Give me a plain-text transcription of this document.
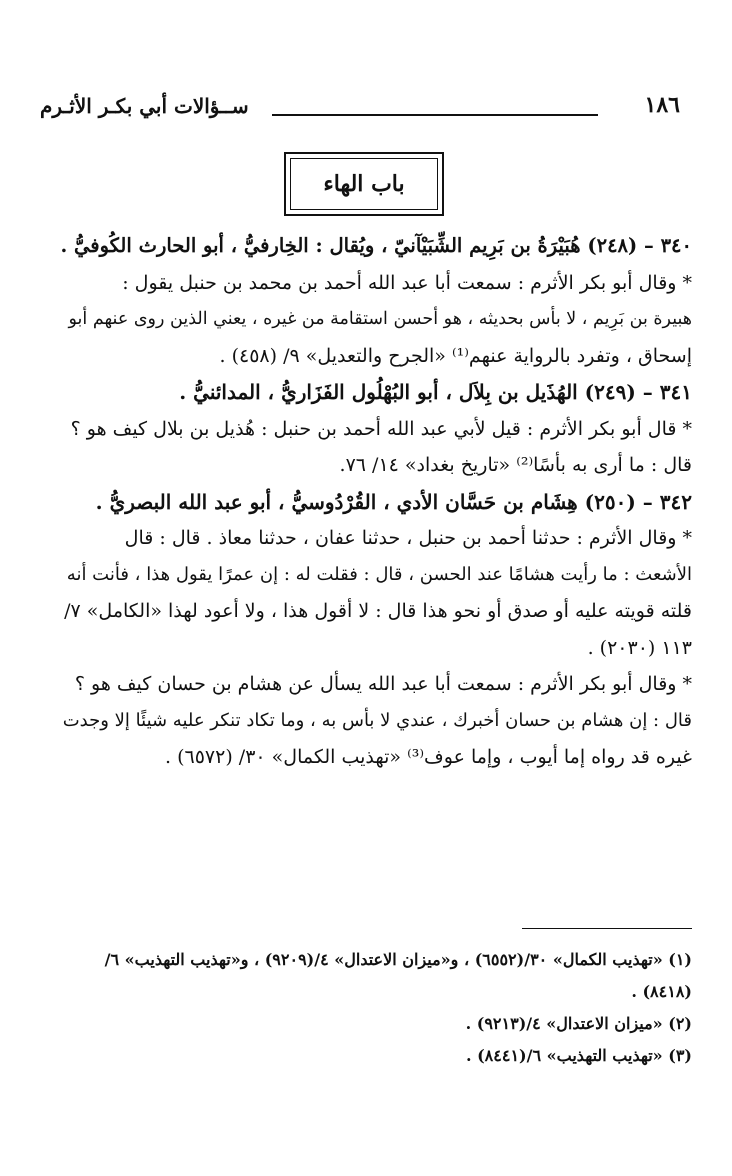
١٨٦
ســؤالات أبي بكـر الأثـرم
باب الهاء
٣٤٠ – (٢٤٨) هُبَيْرَةُ بن بَرِيم الشِّبَيْآنيّ ، ويُقال : الخِارفيُّ ، أبو الحارث الكُوفيُّ .
* وقال أبو بكر الأثرم : سمعت أبا عبد الله أحمد بن محمد بن حنبل يقول :
هبيرة بن بَرِيم ، لا بأس بحديثه ، هو أحسن استقامة من غيره ، يعني الذين روى عنهم أبو
إسحاق ، وتفرد بالرواية عنهم⁽¹⁾ «الجرح والتعديل» ٩/ (٤٥٨) .
٣٤١ – (٢٤٩) الهُذَيل بن بِلاَل ، أبو البُهْلُول الفَزَاريُّ ، المدائنيُّ .
* قال أبو بكر الأثرم : قيل لأبي عبد الله أحمد بن حنبل : هُذيل بن بلال كيف هو ؟
قال : ما أرى به بأسًا⁽²⁾ «تاريخ بغداد» ١٤/ ٧٦.
٣٤٢ – (٢٥٠) هِشَام بن حَسَّان الأدي ، القُرْدُوسيُّ ، أبو عبد الله البصريُّ .
* وقال الأثرم : حدثنا أحمد بن حنبل ، حدثنا عفان ، حدثنا معاذ . قال : قال
الأشعث : ما رأيت هشامًا عند الحسن ، قال : فقلت له : إن عمرًا يقول هذا ، فأنت أنه
قلته قويته عليه أو صدق أو نحو هذا قال : لا أقول هذا ، ولا أعود لهذا «الكامل» ٧/
١١٣ (٢٠٣٠) .
* وقال أبو بكر الأثرم : سمعت أبا عبد الله يسأل عن هشام بن حسان كيف هو ؟
قال : إن هشام بن حسان أخبرك ، عندي لا بأس به ، وما تكاد تنكر عليه شيئًا إلا وجدت
غيره قد رواه إما أيوب ، وإما عوف⁽³⁾ «تهذيب الكمال» ٣٠/ (٦٥٧٢) .
(١) «تهذيب الكمال» ٣٠/(٦٥٥٢) ، و«ميزان الاعتدال» ٤/(٩٢٠٩) ، و«تهذيب التهذيب» ٦/
(٨٤١٨) .
(٢) «ميزان الاعتدال» ٤/(٩٢١٣) .
(٣) «تهذيب التهذيب» ٦/(٨٤٤١) .
